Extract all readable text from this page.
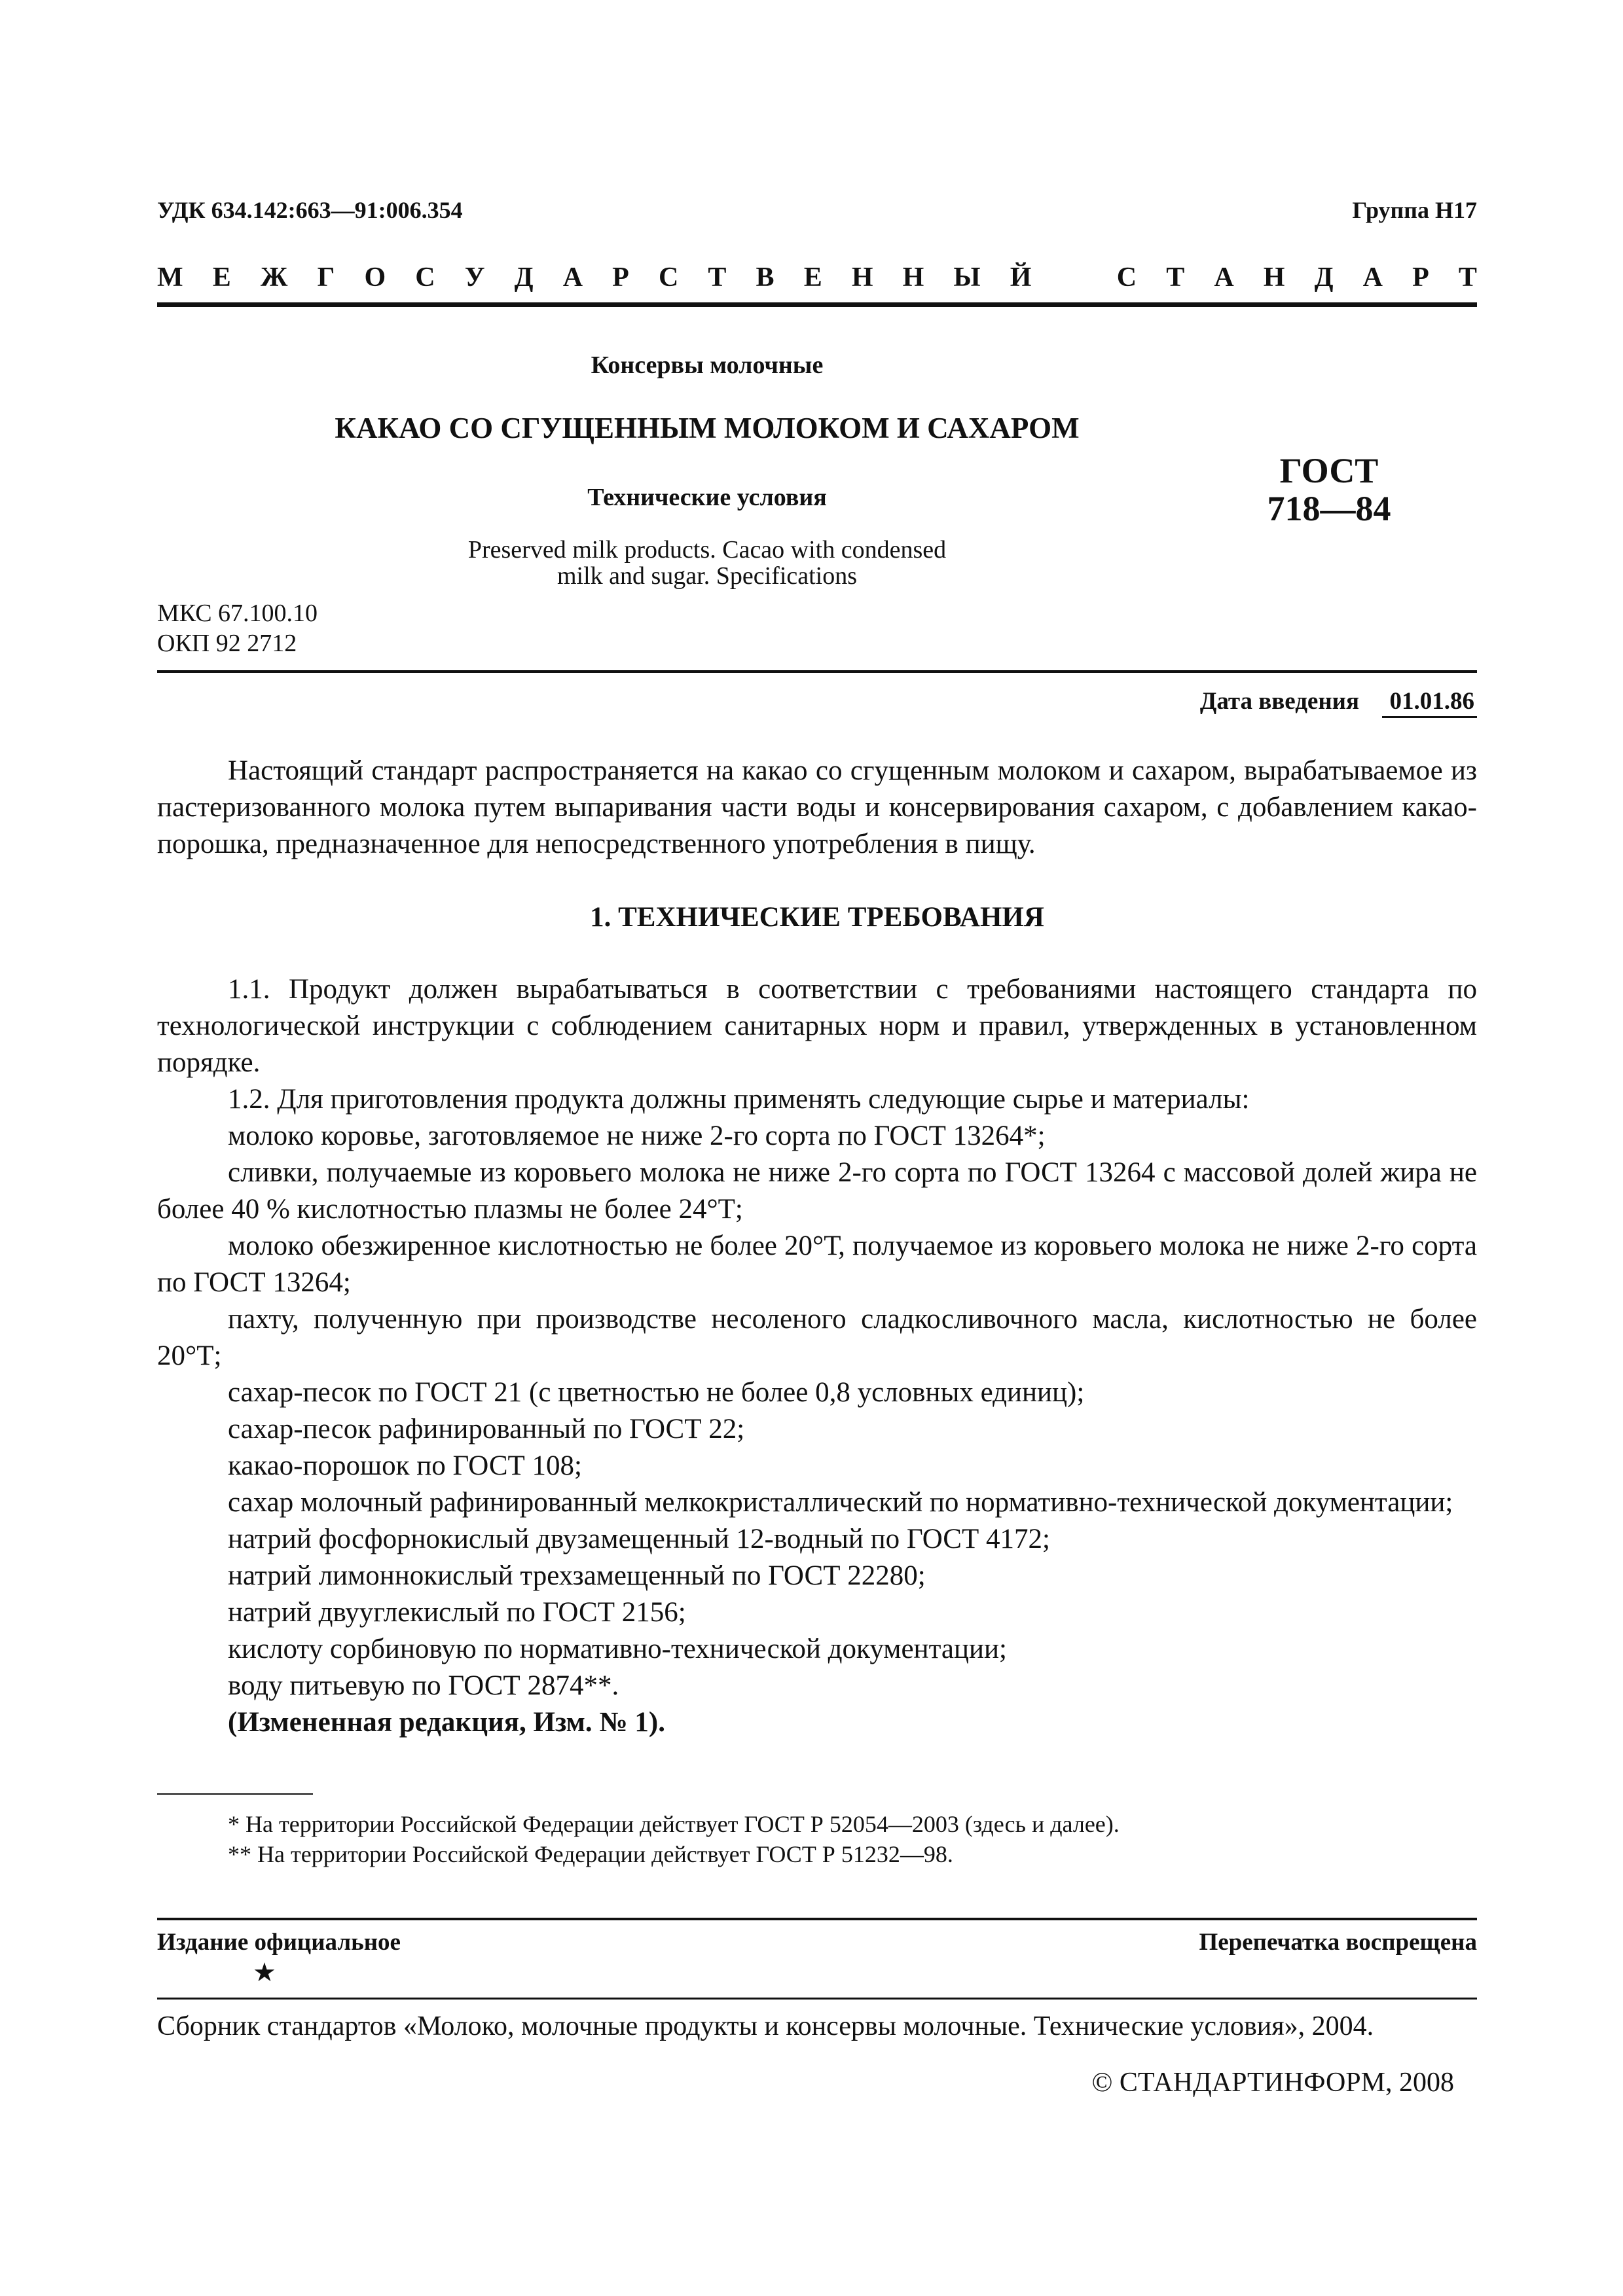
УДК 634.142:663—91:006.354	Группа Н17
М Е Ж Г О С У Д А Р С Т В Е Н Н Ы Й	С Т А Н Д А Р Т
Консервы молочные
КАКАО СО СГУЩЕННЫМ МОЛОКОМ И САХАРОМ
Технические условия
Preserved milk products. Cacao with condensed
milk and sugar. Specifications
ГОСТ
718—84
МКС 67.100.10
ОКП 92 2712
Дата введения 01.01.86
Настоящий стандарт распространяется на какао со сгущенным молоком и сахаром, вырабатываемое из пастеризованного молока путем выпаривания части воды и консервирования сахаром, с добавлением какао-порошка, предназначенное для непосредственного употребления в пищу.
1. ТЕХНИЧЕСКИЕ ТРЕБОВАНИЯ

1.1. Продукт должен вырабатываться в соответствии с требованиями настоящего стандарта по технологической инструкции с соблюдением санитарных норм и правил, утвержденных в установленном порядке.

1.2. Для приготовления продукта должны применять следующие сырье и материалы:

молоко коровье, заготовляемое не ниже 2-го сорта по ГОСТ 13264*;

сливки, получаемые из коровьего молока не ниже 2-го сорта по ГОСТ 13264 с массовой долей жира не более 40 % кислотностью плазмы не более 24°Т;

молоко обезжиренное кислотностью не более 20°Т, получаемое из коровьего молока не ниже 2-го сорта по ГОСТ 13264;

пахту, полученную при производстве несоленого сладкосливочного масла, кислотностью не более 20°Т;

сахар-песок по ГОСТ 21 (с цветностью не более 0,8 условных единиц);

сахар-песок рафинированный по ГОСТ 22;

какао-порошок по ГОСТ 108;

сахар молочный рафинированный мелкокристаллический по нормативно-технической документации;

натрий фосфорнокислый двузамещенный 12-водный по ГОСТ 4172;

натрий лимоннокислый трехзамещенный по ГОСТ 22280;

натрий двууглекислый по ГОСТ 2156;

кислоту сорбиновую по нормативно-технической документации;

воду питьевую по ГОСТ 2874**.

(Измененная редакция, Изм. № 1).

* На территории Российской Федерации действует ГОСТ Р 52054—2003 (здесь и далее).
** На территории Российской Федерации действует ГОСТ Р 51232—98.
Издание официальное	Перепечатка воспрещена
★
Сборник стандартов «Молоко, молочные продукты и консервы молочные. Технические условия», 2004.
© СТАНДАРТИНФОРМ, 2008
